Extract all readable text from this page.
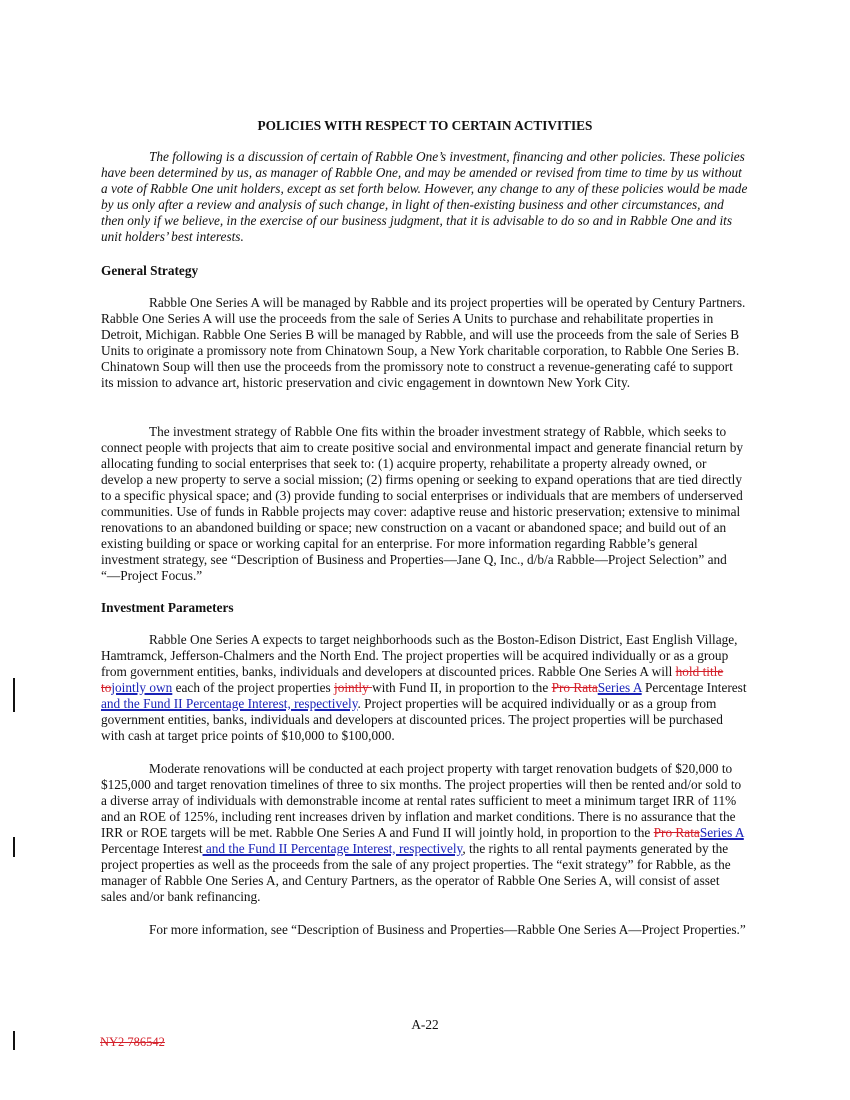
POLICIES WITH RESPECT TO CERTAIN ACTIVITIES

The following is a discussion of certain of Rabble One’s investment, financing and other policies. These policies have been determined by us, as manager of Rabble One, and may be amended or revised from time to time by us without a vote of Rabble One unit holders, except as set forth below. However, any change to any of these policies would be made by us only after a review and analysis of such change, in light of then-existing business and other circumstances, and then only if we believe, in the exercise of our business judgment, that it is advisable to do so and in Rabble One and its unit holders’ best interests.

General Strategy

Rabble One Series A will be managed by Rabble and its project properties will be operated by Century Partners. Rabble One Series A will use the proceeds from the sale of Series A Units to purchase and rehabilitate properties in Detroit, Michigan. Rabble One Series B will be managed by Rabble, and will use the proceeds from the sale of Series B Units to originate a promissory note from Chinatown Soup, a New York charitable corporation, to Rabble One Series B. Chinatown Soup will then use the proceeds from the promissory note to construct a revenue-generating café to support its mission to advance art, historic preservation and civic engagement in downtown New York City.

The investment strategy of Rabble One fits within the broader investment strategy of Rabble, which seeks to connect people with projects that aim to create positive social and environmental impact and generate financial return by allocating funding to social enterprises that seek to: (1) acquire property, rehabilitate a property already owned, or develop a new property to serve a social mission; (2) firms opening or seeking to expand operations that are tied directly to a specific physical space; and (3) provide funding to social enterprises or individuals that are members of underserved communities. Use of funds in Rabble projects may cover: adaptive reuse and historic preservation; extensive to minimal renovations to an abandoned building or space; new construction on a vacant or abandoned space; and build out of an existing building or space or working capital for an enterprise. For more information regarding Rabble’s general investment strategy, see “Description of Business and Properties—Jane Q, Inc., d/b/a Rabble—Project Selection” and “—Project Focus.”

Investment Parameters

Rabble One Series A expects to target neighborhoods such as the Boston-Edison District, East English Village, Hamtramck, Jefferson-Chalmers and the North End. The project properties will be acquired individually or as a group from government entities, banks, individuals and developers at discounted prices. Rabble One Series A will hold title tojointly own each of the project properties jointly with Fund II, in proportion to the Pro RataSeries A Percentage Interest and the Fund II Percentage Interest, respectively. Project properties will be acquired individually or as a group from government entities, banks, individuals and developers at discounted prices. The project properties will be purchased with cash at target price points of $10,000 to $100,000.

Moderate renovations will be conducted at each project property with target renovation budgets of $20,000 to $125,000 and target renovation timelines of three to six months. The project properties will then be rented and/or sold to a diverse array of individuals with demonstrable income at rental rates sufficient to meet a minimum target IRR of 11% and an ROE of 125%, including rent increases driven by inflation and market conditions. There is no assurance that the IRR or ROE targets will be met. Rabble One Series A and Fund II will jointly hold, in proportion to the Pro RataSeries A Percentage Interest and the Fund II Percentage Interest, respectively, the rights to all rental payments generated by the project properties as well as the proceeds from the sale of any project properties. The “exit strategy” for Rabble, as the manager of Rabble One Series A, and Century Partners, as the operator of Rabble One Series A, will consist of asset sales and/or bank refinancing.

For more information, see “Description of Business and Properties—Rabble One Series A—Project Properties.”

A-22
NY2 786542
